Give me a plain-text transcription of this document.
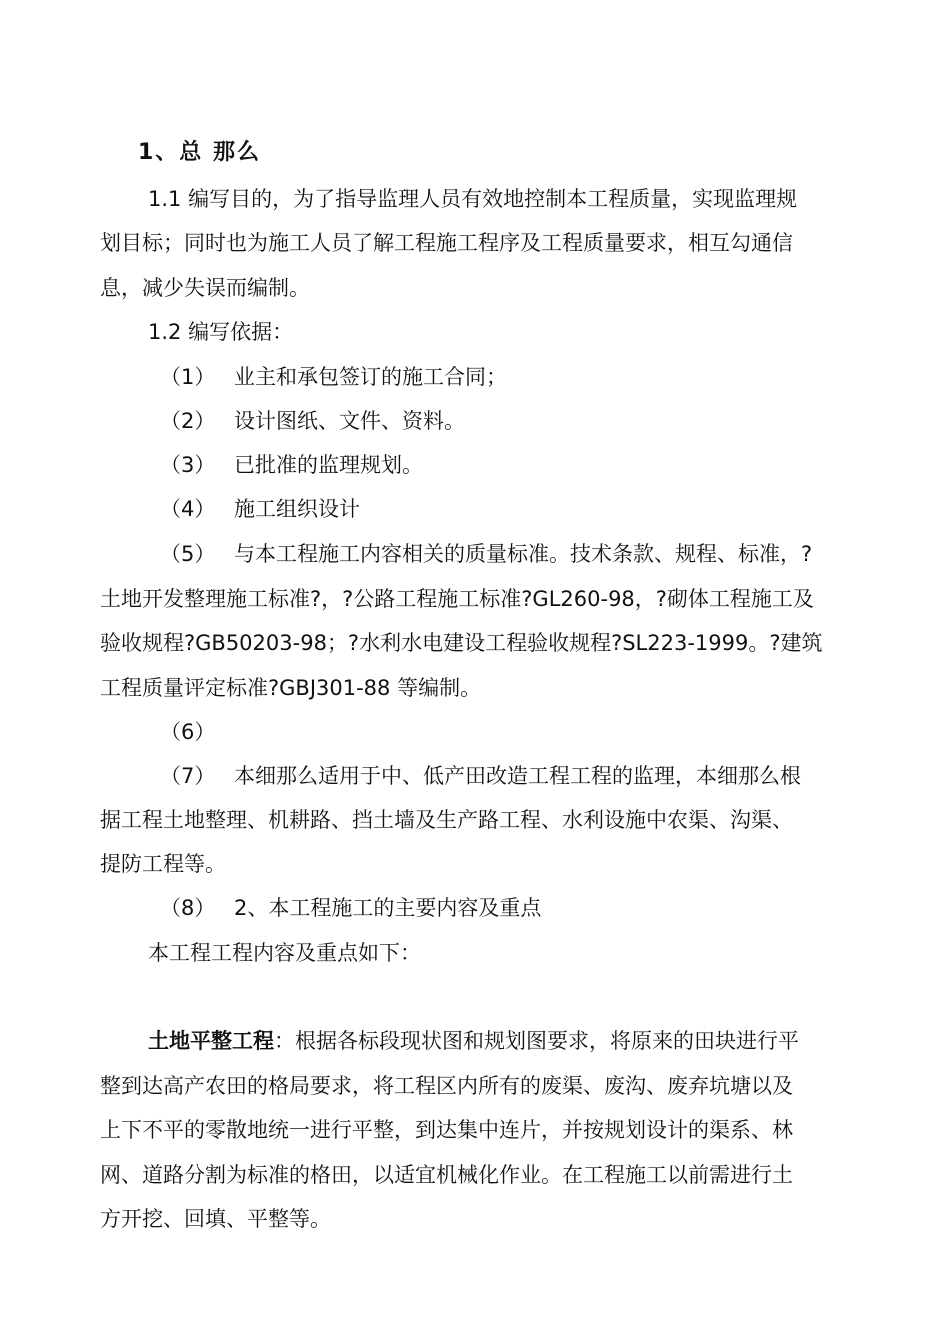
1、总 那么
1.1 编写目的，为了指导监理人员有效地控制本工程质量，实现监理规
划目标；同时也为施工人员了解工程施工程序及工程质量要求，相互勾通信
息，减少失误而编制。
1.2 编写依据：
（1） 业主和承包签订的施工合同；
（2） 设计图纸、文件、资料。
（3） 已批准的监理规划。
（4） 施工组织设计
（5） 与本工程施工内容相关的质量标准。技术条款、规程、标准，?
土地开发整理施工标准?，?公路工程施工标准?GL260-98，?砌体工程施工及
验收规程?GB50203-98；?水利水电建设工程验收规程?SL223-1999。?建筑
工程质量评定标准?GBJ301-88 等编制。
（6）
（7） 本细那么适用于中、低产田改造工程工程的监理，本细那么根
据工程土地整理、机耕路、挡土墙及生产路工程、水利设施中农渠、沟渠、
提防工程等。
（8） 2、本工程施工的主要内容及重点
本工程工程内容及重点如下：
土地平整工程：根据各标段现状图和规划图要求，将原来的田块进行平
整到达高产农田的格局要求，将工程区内所有的废渠、废沟、废弃坑塘以及
上下不平的零散地统一进行平整，到达集中连片，并按规划设计的渠系、林
网、道路分割为标准的格田，以适宜机械化作业。在工程施工以前需进行土
方开挖、回填、平整等。
